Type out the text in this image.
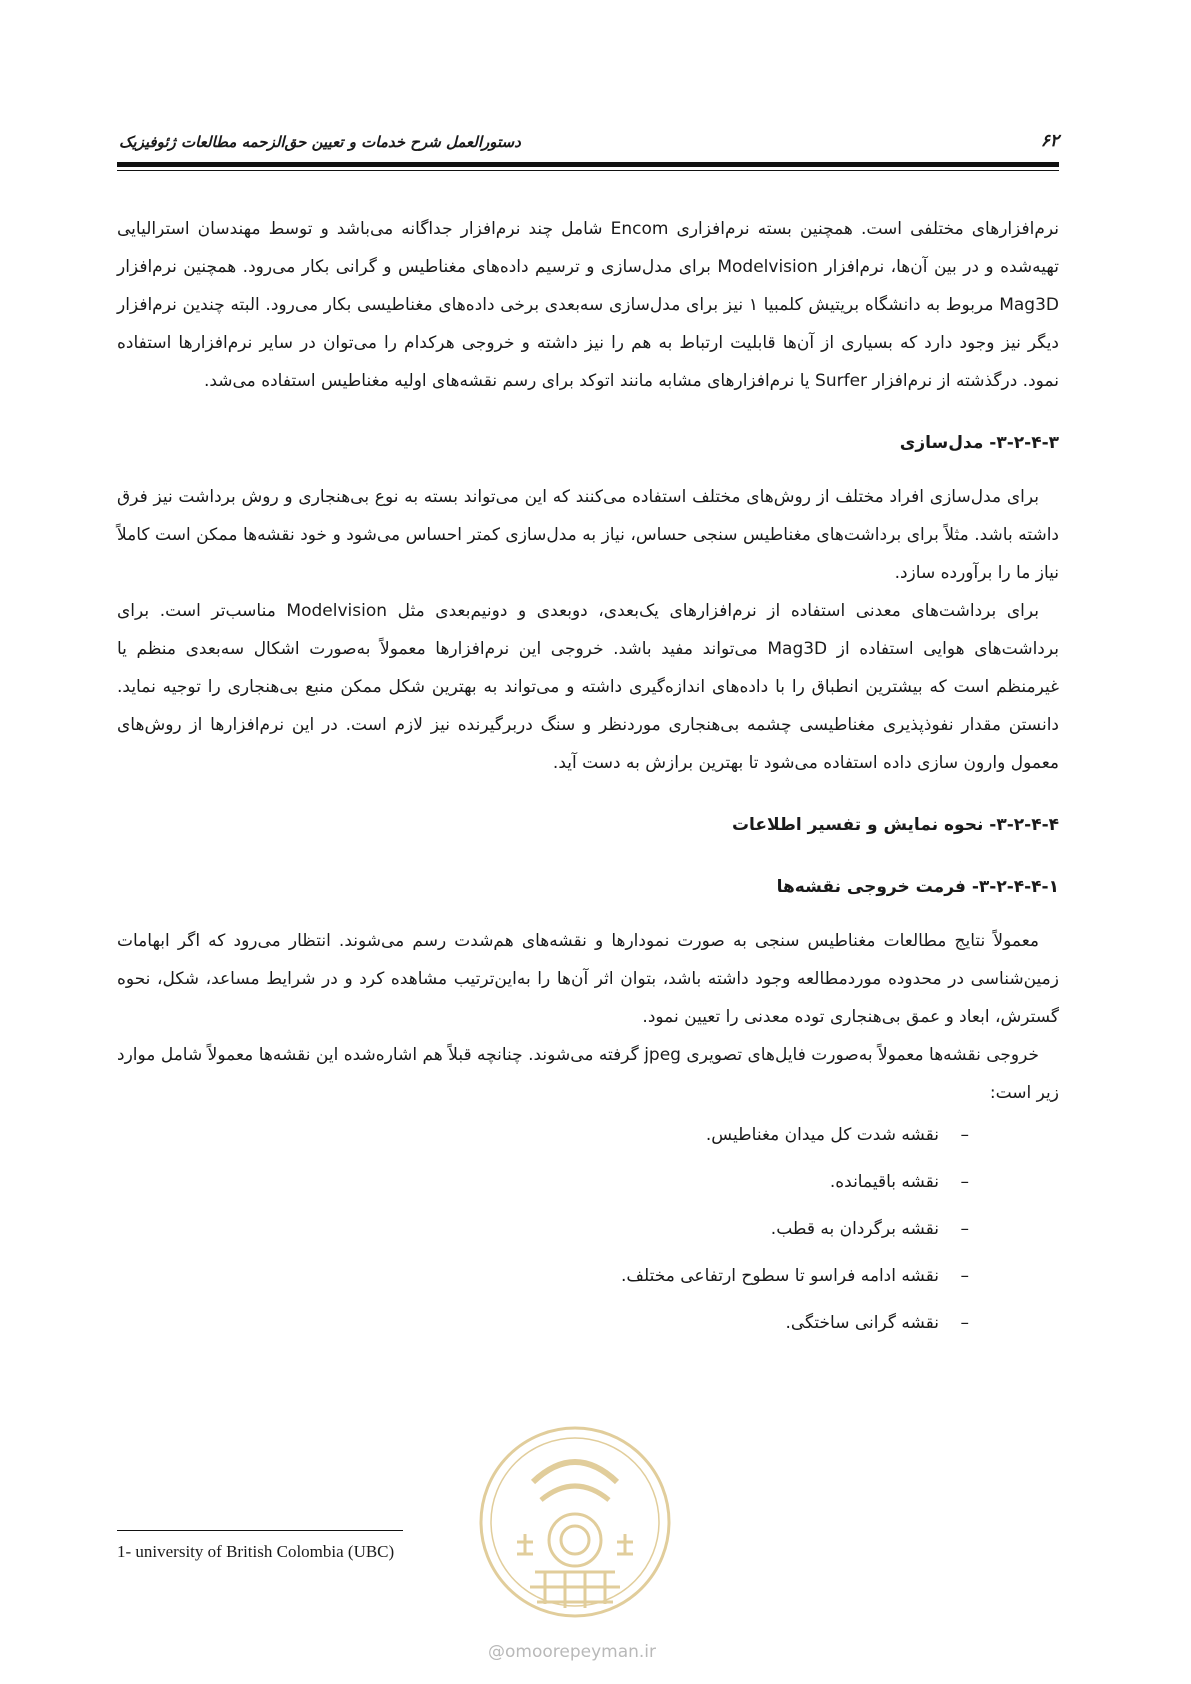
۶۲
دستورالعمل شرح خدمات و تعیین حق‌الزحمه مطالعات ژئوفیزیک

نرم‌افزارهای مختلفی است. همچنین بسته نرم‌افزاری Encom شامل چند نرم‌افزار جداگانه می‌باشد و توسط مهندسان استرالیایی تهیه‌شده و در بین آن‌ها، نرم‌افزار Modelvision برای مدل‌سازی و ترسیم داده‌های مغناطیس و گرانی بکار می‌رود. همچنین نرم‌افزار Mag3D مربوط به دانشگاه بریتیش کلمبیا ۱ نیز برای مدل‌سازی سه‌بعدی برخی داده‌های مغناطیسی بکار می‌رود. البته چندین نرم‌افزار دیگر نیز وجود دارد که بسیاری از آن‌ها قابلیت ارتباط به هم را نیز داشته و خروجی هرکدام را می‌توان در سایر نرم‌افزارها استفاده نمود. درگذشته از نرم‌افزار Surfer یا نرم‌افزارهای مشابه مانند اتوکد برای رسم نقشه‌های اولیه مغناطیس استفاده می‌شد.

۳-۲-۴-۳- مدل‌سازی

برای مدل‌سازی افراد مختلف از روش‌های مختلف استفاده می‌کنند که این می‌تواند بسته به نوع بی‌هنجاری و روش برداشت نیز فرق داشته باشد. مثلاً برای برداشت‌های مغناطیس سنجی حساس، نیاز به مدل‌سازی کمتر احساس می‌شود و خود نقشه‌ها ممکن است کاملاً نیاز ما را برآورده سازد.

برای برداشت‌های معدنی استفاده از نرم‌افزارهای یک‌بعدی، دوبعدی و دونیم‌بعدی مثل Modelvision مناسب‌تر است. برای برداشت‌های هوایی استفاده از Mag3D می‌تواند مفید باشد. خروجی این نرم‌افزارها معمولاً به‌صورت اشکال سه‌بعدی منظم یا غیرمنظم است که بیشترین انطباق را با داده‌های اندازه‌گیری داشته و می‌تواند به بهترین شکل ممکن منبع بی‌هنجاری را توجیه نماید. دانستن مقدار نفوذپذیری مغناطیسی چشمه بی‌هنجاری موردنظر و سنگ دربرگیرنده نیز لازم است. در این نرم‌افزارها از روش‌های معمول وارون سازی داده استفاده می‌شود تا بهترین برازش به دست آید.

۳-۲-۴-۴- نحوه نمایش و تفسیر اطلاعات

۳-۲-۴-۴-۱- فرمت خروجی نقشه‌ها

معمولاً نتایج مطالعات مغناطیس سنجی به صورت نمودارها و نقشه‌های هم‌شدت رسم می‌شوند. انتظار می‌رود که اگر ابهامات زمین‌شناسی در محدوده موردمطالعه وجود داشته باشد، بتوان اثر آن‌ها را به‌این‌ترتیب مشاهده کرد و در شرایط مساعد، شکل، نحوه گسترش، ابعاد و عمق بی‌هنجاری توده معدنی را تعیین نمود.

خروجی نقشه‌ها معمولاً به‌صورت فایل‌های تصویری jpeg گرفته می‌شوند. چنانچه قبلاً هم اشاره‌شده این نقشه‌ها معمولاً شامل موارد زیر است:

–نقشه شدت کل میدان مغناطیس.
–نقشه باقیمانده.
–نقشه برگردان به قطب.
–نقشه ادامه فراسو تا سطوح ارتفاعی مختلف.
–نقشه گرانی ساختگی.
@omoorepeyman.ir
1- university of British Colombia (UBC)
